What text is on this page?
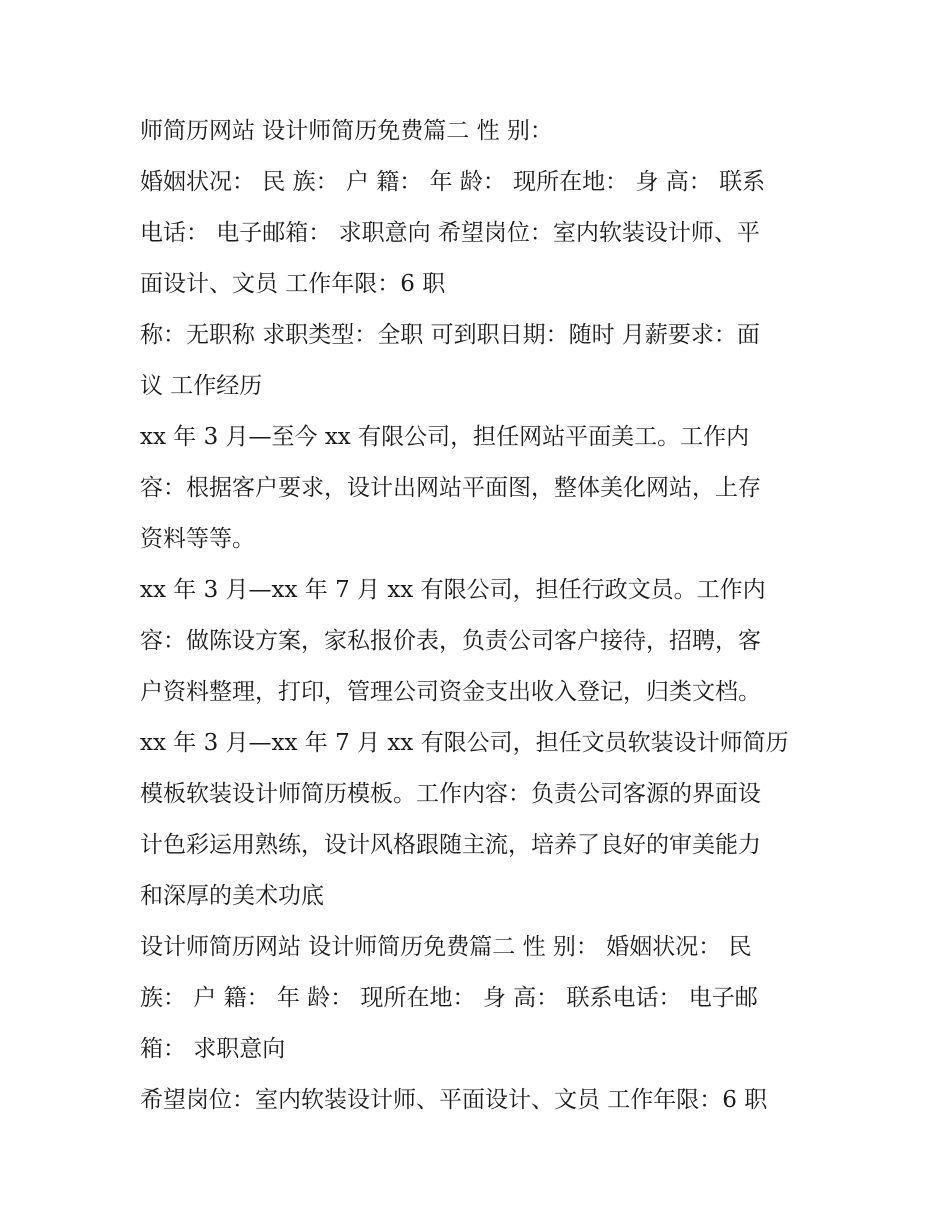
师简历网站 设计师简历免费篇二 性 别：
婚姻状况： 民 族： 户 籍： 年 龄： 现所在地： 身 高： 联系
电话： 电子邮箱： 求职意向 希望岗位：室内软装设计师、平
面设计、文员 工作年限：6 职
称：无职称 求职类型：全职 可到职日期：随时 月薪要求：面
议 工作经历
xx 年 3 月—至今 xx 有限公司，担任网站平面美工。工作内
容：根据客户要求，设计出网站平面图，整体美化网站，上存
资料等等。
xx 年 3 月—xx 年 7 月 xx 有限公司，担任行政文员。工作内
容：做陈设方案，家私报价表，负责公司客户接待，招聘，客
户资料整理，打印，管理公司资金支出收入登记，归类文档。
xx 年 3 月—xx 年 7 月 xx 有限公司，担任文员软装设计师简历
模板软装设计师简历模板。工作内容：负责公司客源的界面设
计色彩运用熟练，设计风格跟随主流，培养了良好的审美能力
和深厚的美术功底
设计师简历网站 设计师简历免费篇二 性 别： 婚姻状况： 民
族： 户 籍： 年 龄： 现所在地： 身 高： 联系电话： 电子邮
箱： 求职意向
希望岗位：室内软装设计师、平面设计、文员 工作年限：6 职
